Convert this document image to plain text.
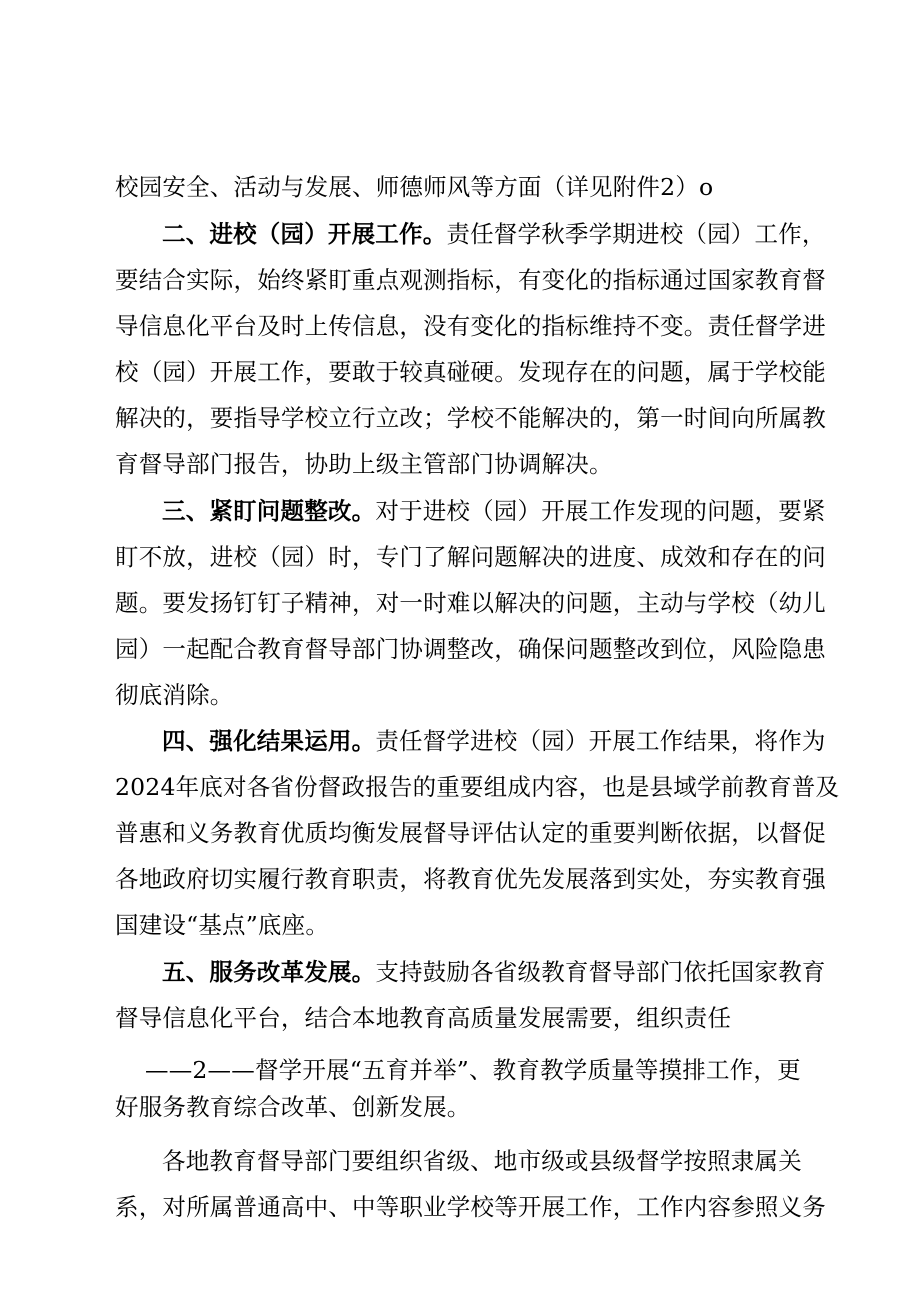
校园安全、活动与发展、师德师风等方面（详见附件2）o

二、进校（园）开展工作。责任督学秋季学期进校（园）工作，

要结合实际，始终紧盯重点观测指标，有变化的指标通过国家教育督

导信息化平台及时上传信息，没有变化的指标维持不变。责任督学进

校（园）开展工作，要敢于较真碰硬。发现存在的问题，属于学校能

解决的，要指导学校立行立改；学校不能解决的，第一时间向所属教

育督导部门报告，协助上级主管部门协调解决。

三、紧盯问题整改。对于进校（园）开展工作发现的问题，要紧

盯不放，进校（园）时，专门了解问题解决的进度、成效和存在的问

题。要发扬钉钉子精神，对一时难以解决的问题，主动与学校（幼儿

园）一起配合教育督导部门协调整改，确保问题整改到位，风险隐患

彻底消除。

四、强化结果运用。责任督学进校（园）开展工作结果，将作为

2024年底对各省份督政报告的重要组成内容，也是县域学前教育普及

普惠和义务教育优质均衡发展督导评估认定的重要判断依据，以督促

各地政府切实履行教育职责，将教育优先发展落到实处，夯实教育强

国建设“基点”底座。

五、服务改革发展。支持鼓励各省级教育督导部门依托国家教育

督导信息化平台，结合本地教育高质量发展需要，组织责任

——2——督学开展“五育并举”、教育教学质量等摸排工作，更

好服务教育综合改革、创新发展。

各地教育督导部门要组织省级、地市级或县级督学按照隶属关

系，对所属普通高中、中等职业学校等开展工作，工作内容参照义务
